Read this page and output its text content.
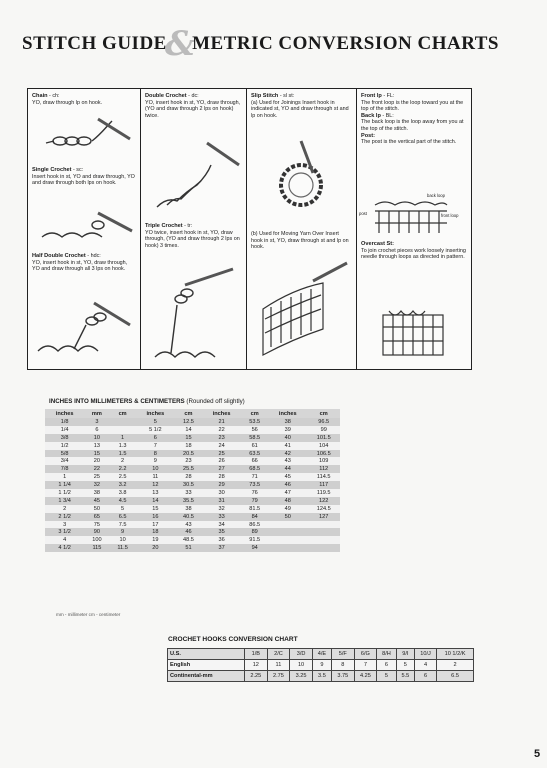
STITCH GUIDE&METRIC CONVERSION CHARTS
Chain - ch:
YO, draw through lp on hook.
Single Crochet - sc:
Insert hook in st, YO and draw through, YO and draw through both lps on hook.
Half Double Crochet - hdc:
YO, insert hook in st, YO, draw through, YO and draw through all 3 lps on hook.
Double Crochet - dc:
YO, insert hook in st, YO, draw through, (YO and draw through 2 lps on hook) twice.
Triple Crochet - tr:
YO twice, insert hook in st, YO, draw through, (YO and draw through 2 lps on hook) 3 times.
Slip Stitch - sl st:
(a) Used for Joinings Insert hook in indicated st, YO and draw through st and lp on hook.
(b) Used for Moving Yarn Over Insert hook in st, YO, draw through st and lp on hook.
Front lp - FL:
The front loop is the loop toward you at the top of the stitch.
Back lp - BL:
The back loop is the loop away from you at the top of the stitch.
Post:
The post is the vertical part of the stitch.
back loop
front loop
post
Overcast St:
To join crochet pieces work loosely inserting needle through loops as directed in pattern.
INCHES INTO MILLIMETERS & CENTIMETERS (Rounded off slightly)
inches	mm	cm	inches	cm	inches	cm	inches	cm
1/8	3		5	12.5	21	53.5	38	96.5
1/4	6		5 1/2	14	22	56	39	99
3/8	10	1	6	15	23	58.5	40	101.5
1/2	13	1.3	7	18	24	61	41	104
5/8	15	1.5	8	20.5	25	63.5	42	106.5
3/4	20	2	9	23	26	66	43	109
7/8	22	2.2	10	25.5	27	68.5	44	112
1	25	2.5	11	28	28	71	45	114.5
1 1/4	32	3.2	12	30.5	29	73.5	46	117
1 1/2	38	3.8	13	33	30	76	47	119.5
1 3/4	45	4.5	14	35.5	31	79	48	122
2	50	5	15	38	32	81.5	49	124.5
2 1/2	65	6.5	16	40.5	33	84	50	127
3	75	7.5	17	43	34	86.5		
3 1/2	90	9	18	46	35	89		
4	100	10	19	48.5	36	91.5		
4 1/2	115	11.5	20	51	37	94		
mm - millimeter cm - centimeter
CROCHET HOOKS CONVERSION CHART
U.S.	1/B	2/C	3/D	4/E	5/F	6/G	8/H	9/I	10/J	10 1/2/K
English	12	11	10	9	8	7	6	5	4	2
Continental-mm	2.25	2.75	3.25	3.5	3.75	4.25	5	5.5	6	6.5
5
